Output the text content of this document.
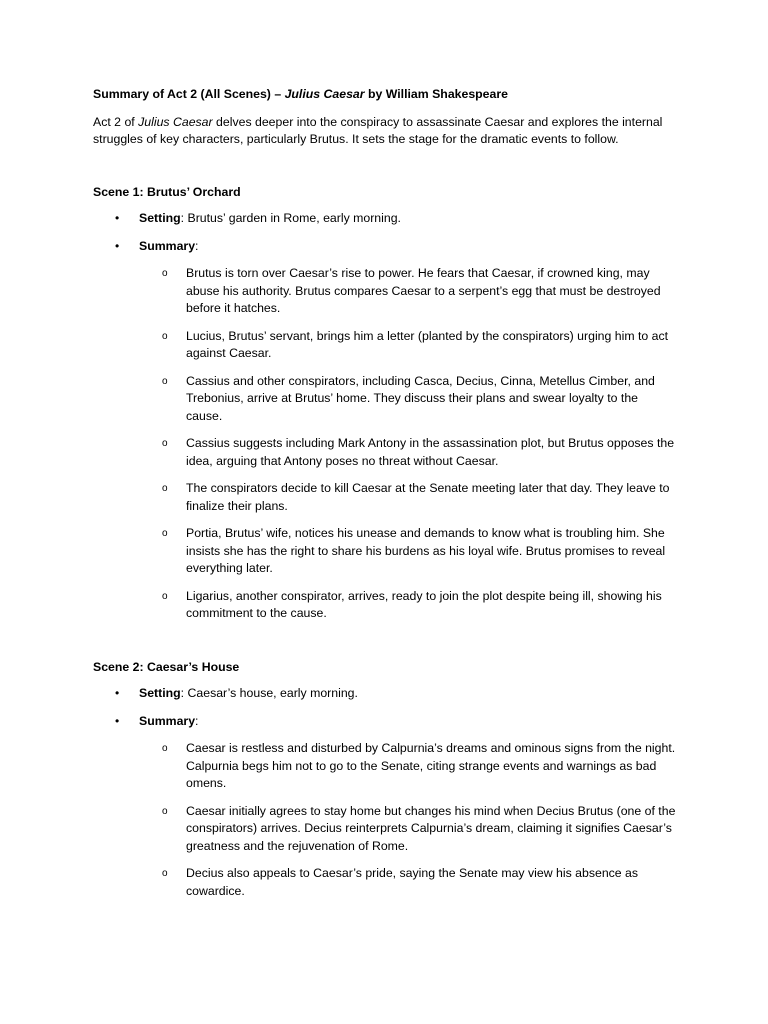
Summary of Act 2 (All Scenes) – Julius Caesar by William Shakespeare

Act 2 of Julius Caesar delves deeper into the conspiracy to assassinate Caesar and explores the internal struggles of key characters, particularly Brutus. It sets the stage for the dramatic events to follow.

Scene 1: Brutus’ Orchard

• Setting: Brutus’ garden in Rome, early morning.
• Summary:
o Brutus is torn over Caesar’s rise to power. He fears that Caesar, if crowned king, may abuse his authority. Brutus compares Caesar to a serpent’s egg that must be destroyed before it hatches.
o Lucius, Brutus’ servant, brings him a letter (planted by the conspirators) urging him to act against Caesar.
o Cassius and other conspirators, including Casca, Decius, Cinna, Metellus Cimber, and Trebonius, arrive at Brutus’ home. They discuss their plans and swear loyalty to the cause.
o Cassius suggests including Mark Antony in the assassination plot, but Brutus opposes the idea, arguing that Antony poses no threat without Caesar.
o The conspirators decide to kill Caesar at the Senate meeting later that day. They leave to finalize their plans.
o Portia, Brutus’ wife, notices his unease and demands to know what is troubling him. She insists she has the right to share his burdens as his loyal wife. Brutus promises to reveal everything later.
o Ligarius, another conspirator, arrives, ready to join the plot despite being ill, showing his commitment to the cause.

Scene 2: Caesar’s House

• Setting: Caesar’s house, early morning.
• Summary:
o Caesar is restless and disturbed by Calpurnia’s dreams and ominous signs from the night. Calpurnia begs him not to go to the Senate, citing strange events and warnings as bad omens.
o Caesar initially agrees to stay home but changes his mind when Decius Brutus (one of the conspirators) arrives. Decius reinterprets Calpurnia’s dream, claiming it signifies Caesar’s greatness and the rejuvenation of Rome.
o Decius also appeals to Caesar’s pride, saying the Senate may view his absence as cowardice.
